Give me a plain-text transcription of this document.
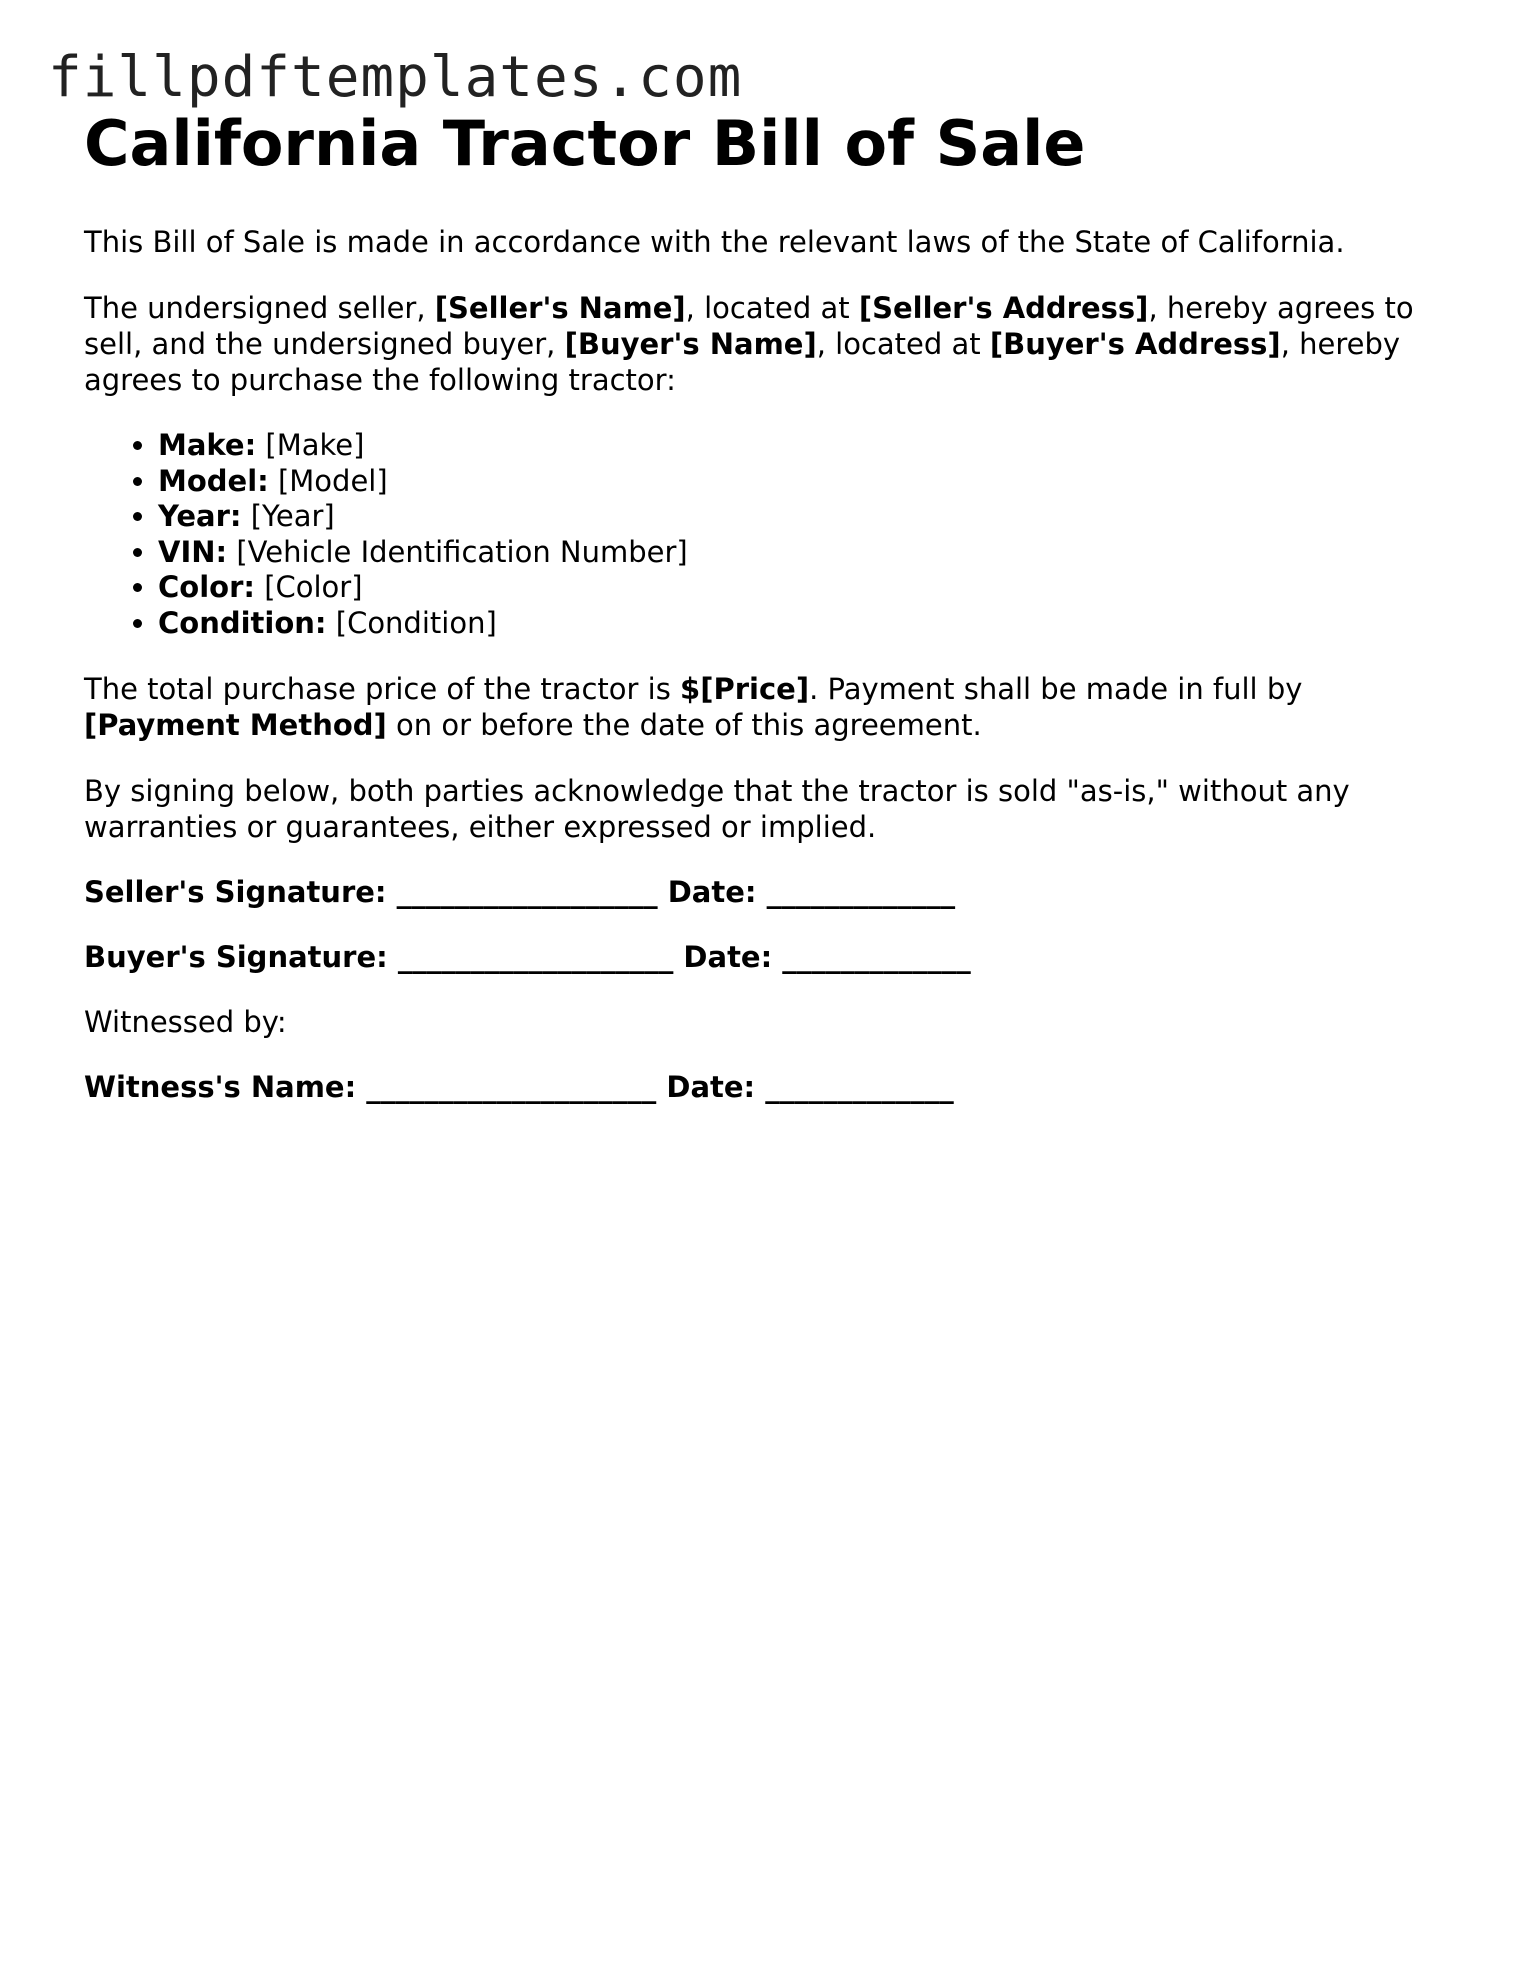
fillpdftemplates.com
California Tractor Bill of Sale

This Bill of Sale is made in accordance with the relevant laws of the State of California.

The undersigned seller, [Seller's Name], located at [Seller's Address], hereby agrees to sell, and the undersigned buyer, [Buyer's Name], located at [Buyer's Address], hereby agrees to purchase the following tractor:

• Make: [Make]
• Model: [Model]
• Year: [Year]
• VIN: [Vehicle Identification Number]
• Color: [Color]
• Condition: [Condition]

The total purchase price of the tractor is $[Price]. Payment shall be made in full by [Payment Method] on or before the date of this agreement.

By signing below, both parties acknowledge that the tractor is sold "as-is," without any warranties or guarantees, either expressed or implied.

Seller's Signature: __________________ Date: _____________

Buyer's Signature: ___________________ Date: _____________

Witnessed by:

Witness's Name: ____________________ Date: _____________
